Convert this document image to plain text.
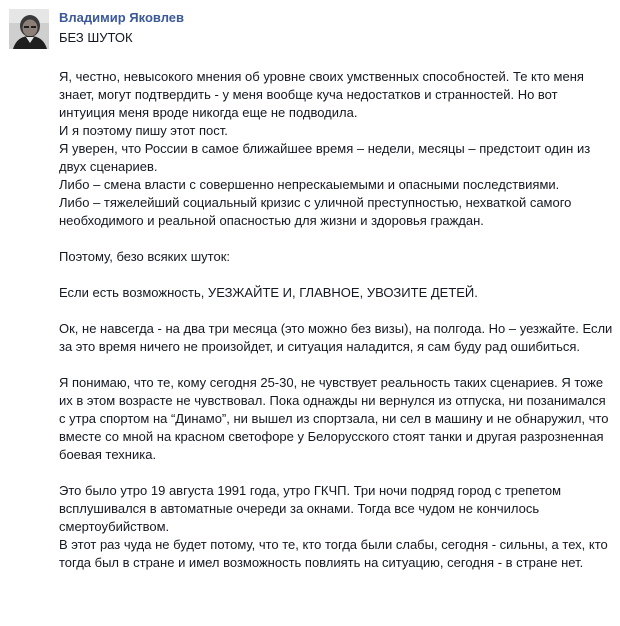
Владимир Яковлев
БЕЗ ШУТОК

Я, честно, невысокого мнения об уровне своих умственных способностей. Те кто меня знает, могут подтвердить - у меня вообще куча недостатков и странностей. Но вот интуиция меня вроде никогда еще не подводила.
И я поэтому пишу этот пост.
Я уверен, что России в самое ближайшее время – недели, месяцы – предстоит один из двух сценариев.
Либо – смена власти с совершенно непрескаыемыми и опасными последствиями.
Либо – тяжелейший социальный кризис с уличной преступностью, нехваткой самого необходимого и реальной опасностью для жизни и здоровья граждан.

Поэтому, безо всяких шуток:

Если есть возможность, УЕЗЖАЙТЕ И, ГЛАВНОЕ, УВОЗИТЕ ДЕТЕЙ.

Ок, не навсегда - на два три месяца (это можно без визы), на полгода. Но – уезжайте. Если за это время ничего не произойдет, и ситуация наладится, я сам буду рад ошибиться.

Я понимаю, что те, кому сегодня 25-30, не чувствует реальность таких сценариев. Я тоже их в этом возрасте не чувствовал. Пока однажды ни вернулся из отпуска, ни позанимался с утра спортом на “Динамо”, ни вышел из спортзала, ни сел в машину и не обнаружил, что вместе со мной на красном светофоре у Белорусского стоят танки и другая разрозненная боевая техника.

Это было утро 19 августа 1991 года, утро ГКЧП. Три ночи подряд город с трепетом всплушивался в автоматные очереди за окнами. Тогда все чудом не кончилось смертоубийством.
В этот раз чуда не будет потому, что те, кто тогда были слабы, сегодня - сильны, а тех, кто тогда был в стране и имел возможность повлиять на ситуацию, сегодня - в стране нет.
